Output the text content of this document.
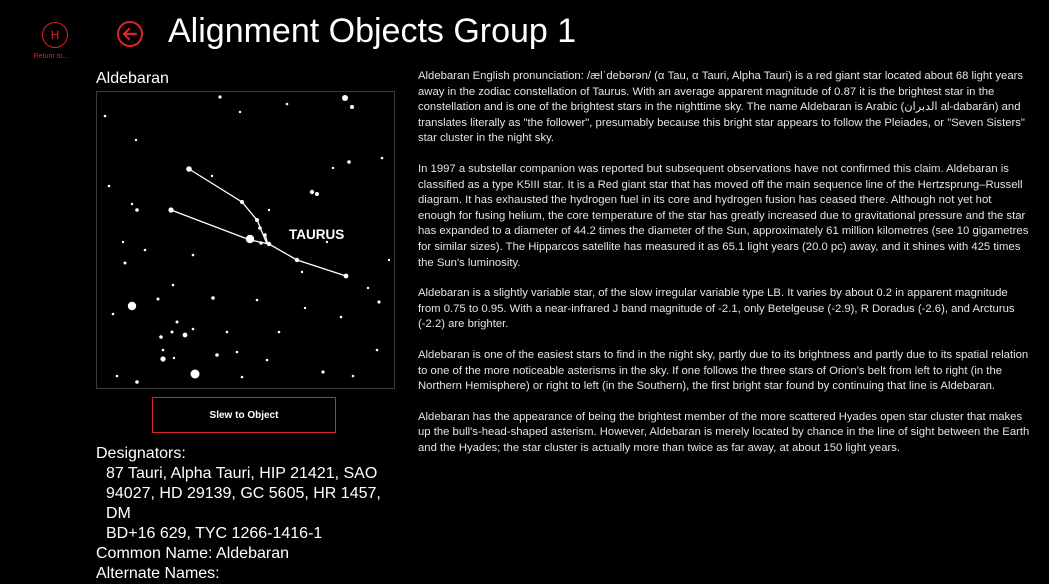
H
Return to...
Alignment Objects Group 1
Aldebaran
TAURUS
Slew to Object
Designators:
87 Tauri, Alpha Tauri, HIP 21421, SAO
94027, HD 29139, GC 5605, HR 1457, DM
BD+16 629, TYC 1266-1416-1
Common Name: Aldebaran
Alternate Names:

Aldebaran English pronunciation: /ælˈdebərən/ (α Tau, α Tauri, Alpha Tauri) is a red giant star located about 68 light years away in the zodiac constellation of Taurus. With an average apparent magnitude of 0.87 it is the brightest star in the constellation and is one of the brightest stars in the nighttime sky. The name Aldebaran is Arabic (الدبران al-dabarān) and translates literally as "the follower", presumably because this bright star appears to follow the Pleiades, or "Seven Sisters" star cluster in the night sky.

In 1997 a substellar companion was reported but subsequent observations have not confirmed this claim. Aldebaran is classified as a type K5III star. It is a Red giant star that has moved off the main sequence line of the Hertzsprung–Russell diagram. It has exhausted the hydrogen fuel in its core and hydrogen fusion has ceased there. Although not yet hot enough for fusing helium, the core temperature of the star has greatly increased due to gravitational pressure and the star has expanded to a diameter of 44.2 times the diameter of the Sun, approximately 61 million kilometres (see 10 gigametres for similar sizes). The Hipparcos satellite has measured it as 65.1 light years (20.0 pc) away, and it shines with 425 times the Sun's luminosity.

Aldebaran is a slightly variable star, of the slow irregular variable type LB. It varies by about 0.2 in apparent magnitude from 0.75 to 0.95. With a near-infrared J band magnitude of -2.1, only Betelgeuse (-2.9), R Doradus (-2.6), and Arcturus (-2.2) are brighter.

Aldebaran is one of the easiest stars to find in the night sky, partly due to its brightness and partly due to its spatial relation to one of the more noticeable asterisms in the sky. If one follows the three stars of Orion's belt from left to right (in the Northern Hemisphere) or right to left (in the Southern), the first bright star found by continuing that line is Aldebaran.

Aldebaran has the appearance of being the brightest member of the more scattered Hyades open star cluster that makes up the bull's-head-shaped asterism. However, Aldebaran is merely located by chance in the line of sight between the Earth and the Hyades; the star cluster is actually more than twice as far away, at about 150 light years.
